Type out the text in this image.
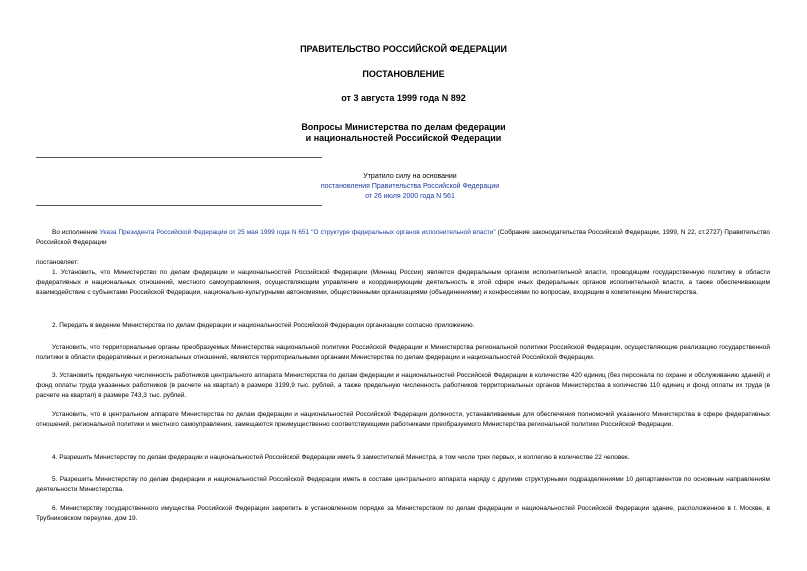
ПРАВИТЕЛЬСТВО РОССИЙСКОЙ ФЕДЕРАЦИИ
ПОСТАНОВЛЕНИЕ
от 3 августа 1999 года N 892
Вопросы Министерства по делам федерации
и национальностей Российской Федерации
Утратило силу на основании
постановления Правительства Российской Федерации
от 26 июля 2000 года N 561
Во исполнение Указа Президента Российской Федерации от 25 мая 1999 года N 651 "О структуре федеральных органов исполнительной власти" (Собрание законодательства Российской Федерации, 1999, N 22, ст.2727) Правительство Российской Федерации
постановляет:
1. Установить, что Министерство по делам федерации и национальностей Российской Федерации (Миннац России) является федеральным органом исполнительной власти, проводящим государственную политику в области федеративных и национальных отношений, местного самоуправления, осуществляющим управление и координирующим деятельность в этой сфере иных федеральных органов исполнительной власти, а также обеспечивающим взаимодействие с субъектами Российской Федерации, национально-культурными автономиями, общественными организациями (объединениями) и конфессиями по вопросам, входящим в компетенцию Министерства.
2. Передать в ведение Министерства по делам федерации и национальностей Российской Федерации организации согласно приложению.
Установить, что территориальные органы преобразуемых Министерства национальной политики Российской Федерации и Министерства региональной политики Российской Федерации, осуществляющие реализацию государственной политики в области федеративных и региональных отношений, являются территориальными органами Министерства по делам федерации и национальностей Российской Федерации.
3. Установить предельную численность работников центрального аппарата Министерства по делам федерации и национальностей Российской Федерации в количестве 420 единиц (без персонала по охране и обслуживанию зданий) и фонд оплаты труда указанных работников (в расчете на квартал) в размере 3199,9 тыс. рублей, а также предельную численность работников территориальных органов Министерства в количестве 110 единиц и фонд оплаты их труда (в расчете на квартал) в размере 743,3 тыс. рублей.
Установить, что в центральном аппарате Министерства по делам федерации и национальностей Российской Федерации должности, устанавливаемые для обеспечения полномочий указанного Министерства в сфере федеративных отношений, региональной политики и местного самоуправления, замещаются преимущественно соответствующими работниками преобразуемого Министерства региональной политики Российской Федерации.
4. Разрешить Министерству по делам федерации и национальностей Российской Федерации иметь 9 заместителей Министра, в том числе трех первых, и коллегию в количестве 22 человек.
5. Разрешить Министерству по делам федерации и национальностей Российской Федерации иметь в составе центрального аппарата наряду с другими структурными подразделениями 10 департаментов по основным направлениям деятельности Министерства.
6. Министерству государственного имущества Российской Федерации закрепить в установленном порядке за Министерством по делам федерации и национальностей Российской Федерации здание, расположенное в г. Москве, в Трубниковском переулке, дом 19.
